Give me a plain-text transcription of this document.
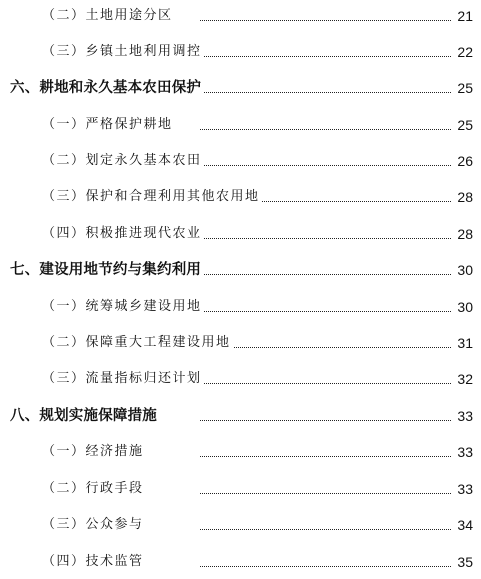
（二）土地用途分区	21
（三）乡镇土地利用调控	22
六、耕地和永久基本农田保护	25
（一）严格保护耕地	25
（二）划定永久基本农田	26
（三）保护和合理利用其他农用地	28
（四）积极推进现代农业	28
七、建设用地节约与集约利用	30
（一）统筹城乡建设用地	30
（二）保障重大工程建设用地	31
（三）流量指标归还计划	32
八、规划实施保障措施	33
（一）经济措施	33
（二）行政手段	33
（三）公众参与	34
（四）技术监管	35
